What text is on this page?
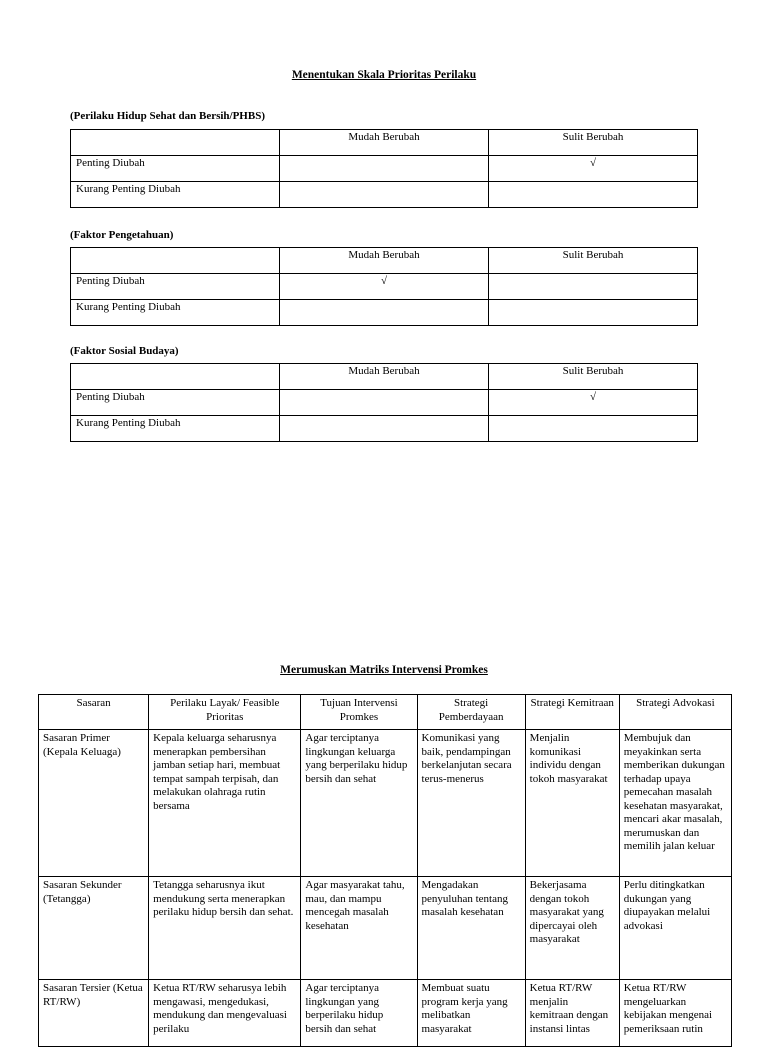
Menentukan Skala Prioritas Perilaku
(Perilaku Hidup Sehat dan Bersih/PHBS)
	Mudah Berubah	Sulit Berubah
Penting Diubah		√
Kurang Penting Diubah		
(Faktor Pengetahuan)
	Mudah Berubah	Sulit Berubah
Penting Diubah	√	
Kurang Penting Diubah		
(Faktor Sosial Budaya)
	Mudah Berubah	Sulit Berubah
Penting Diubah		√
Kurang Penting Diubah		
Merumuskan Matriks Intervensi Promkes
Sasaran	Perilaku Layak/ Feasible Prioritas	Tujuan Intervensi Promkes	Strategi Pemberdayaan	Strategi Kemitraan	Strategi Advokasi
Sasaran Primer (Kepala Keluaga)	Kepala keluarga seharusnya menerapkan pembersihan jamban setiap hari, membuat tempat sampah terpisah, dan melakukan olahraga rutin bersama	Agar terciptanya lingkungan keluarga yang berperilaku hidup bersih dan sehat	Komunikasi yang baik, pendampingan berkelanjutan secara terus-menerus	Menjalin komunikasi individu dengan tokoh masyarakat	Membujuk dan meyakinkan serta memberikan dukungan terhadap upaya pemecahan masalah kesehatan masyarakat, mencari akar masalah, merumuskan dan memilih jalan keluar
Sasaran Sekunder (Tetangga)	Tetangga seharusnya ikut mendukung serta menerapkan perilaku hidup bersih dan sehat.	Agar masyarakat tahu, mau, dan mampu mencegah masalah kesehatan	Mengadakan penyuluhan tentang masalah kesehatan	Bekerjasama dengan tokoh masyarakat yang dipercayai oleh masyarakat	Perlu ditingkatkan dukungan yang diupayakan melalui advokasi
Sasaran Tersier (Ketua RT/RW)	Ketua RT/RW seharusya lebih mengawasi, mengedukasi, mendukung dan mengevaluasi perilaku	Agar terciptanya lingkungan yang berperilaku hidup bersih dan sehat	Membuat suatu program kerja yang melibatkan masyarakat	Ketua RT/RW menjalin kemitraan dengan instansi lintas	Ketua RT/RW mengeluarkan kebijakan mengenai pemeriksaan rutin
